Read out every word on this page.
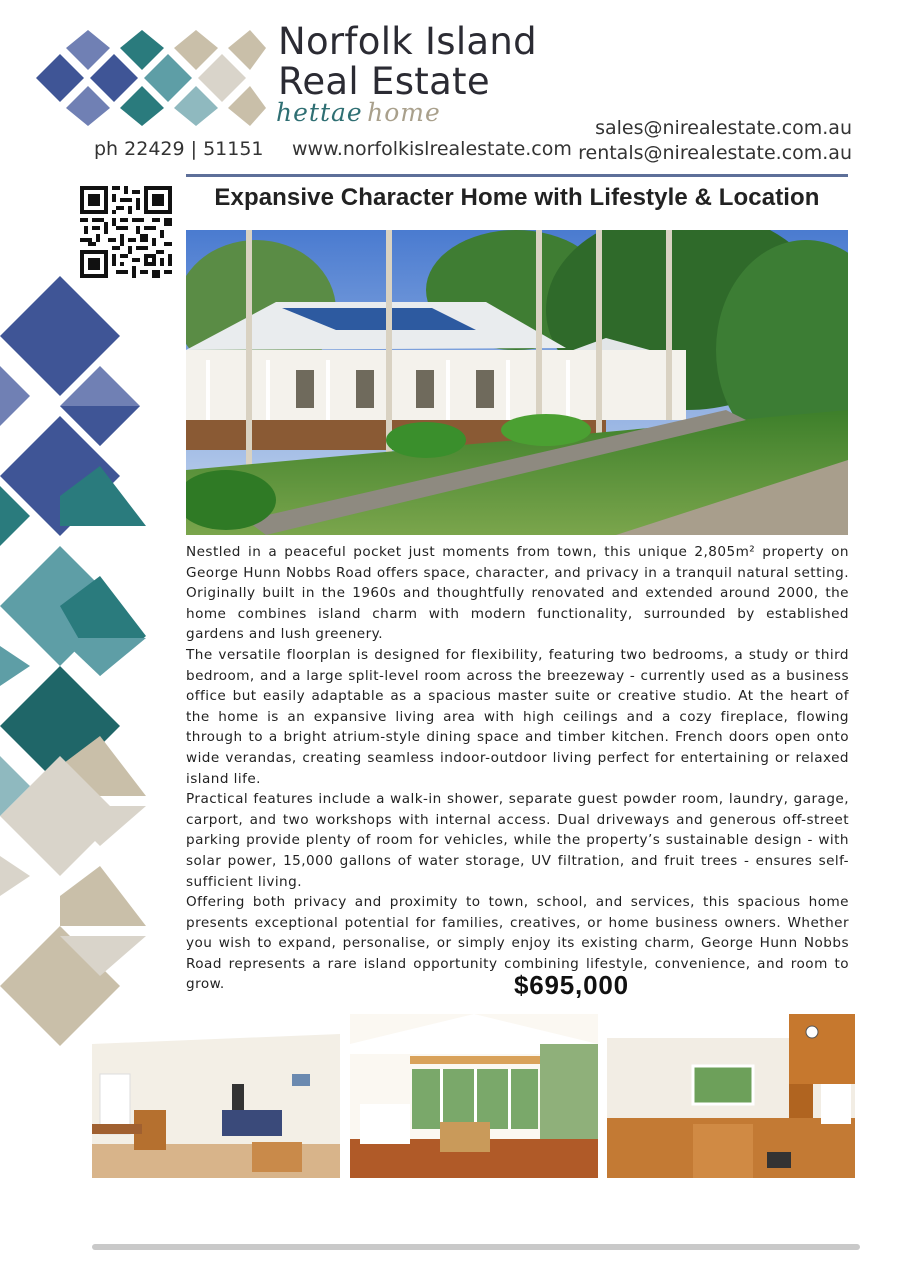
Norfolk Island
Real Estate
hettae home
ph 22429 | 51151 www.norfolkislrealestate.com
sales@nirealestate.com.au
rentals@nirealestate.com.au
Expansive Character Home with Lifestyle & Location

Nestled in a peaceful pocket just moments from town, this unique 2,805m² property on George Hunn Nobbs Road offers space, character, and privacy in a tranquil natural setting. Originally built in the 1960s and thoughtfully renovated and extended around 2000, the home combines island charm with modern functionality, surrounded by established gardens and lush greenery.

The versatile floorplan is designed for flexibility, featuring two bedrooms, a study or third bedroom, and a large split-level room across the breezeway - currently used as a business office but easily adaptable as a spacious master suite or creative studio. At the heart of the home is an expansive living area with high ceilings and a cozy fireplace, flowing through to a bright atrium-style dining space and timber kitchen. French doors open onto wide verandas, creating seamless indoor-outdoor living perfect for entertaining or relaxed island life.

Practical features include a walk-in shower, separate guest powder room, laundry, garage, carport, and two workshops with internal access. Dual driveways and generous off-street parking provide plenty of room for vehicles, while the property’s sustainable design - with solar power, 15,000 gallons of water storage, UV filtration, and fruit trees - ensures self-sufficient living.

Offering both privacy and proximity to town, school, and services, this spacious home presents exceptional potential for families, creatives, or home business owners. Whether you wish to expand, personalise, or simply enjoy its existing charm, George Hunn Nobbs Road represents a rare island opportunity combining lifestyle, convenience, and room to grow.	$695,000
